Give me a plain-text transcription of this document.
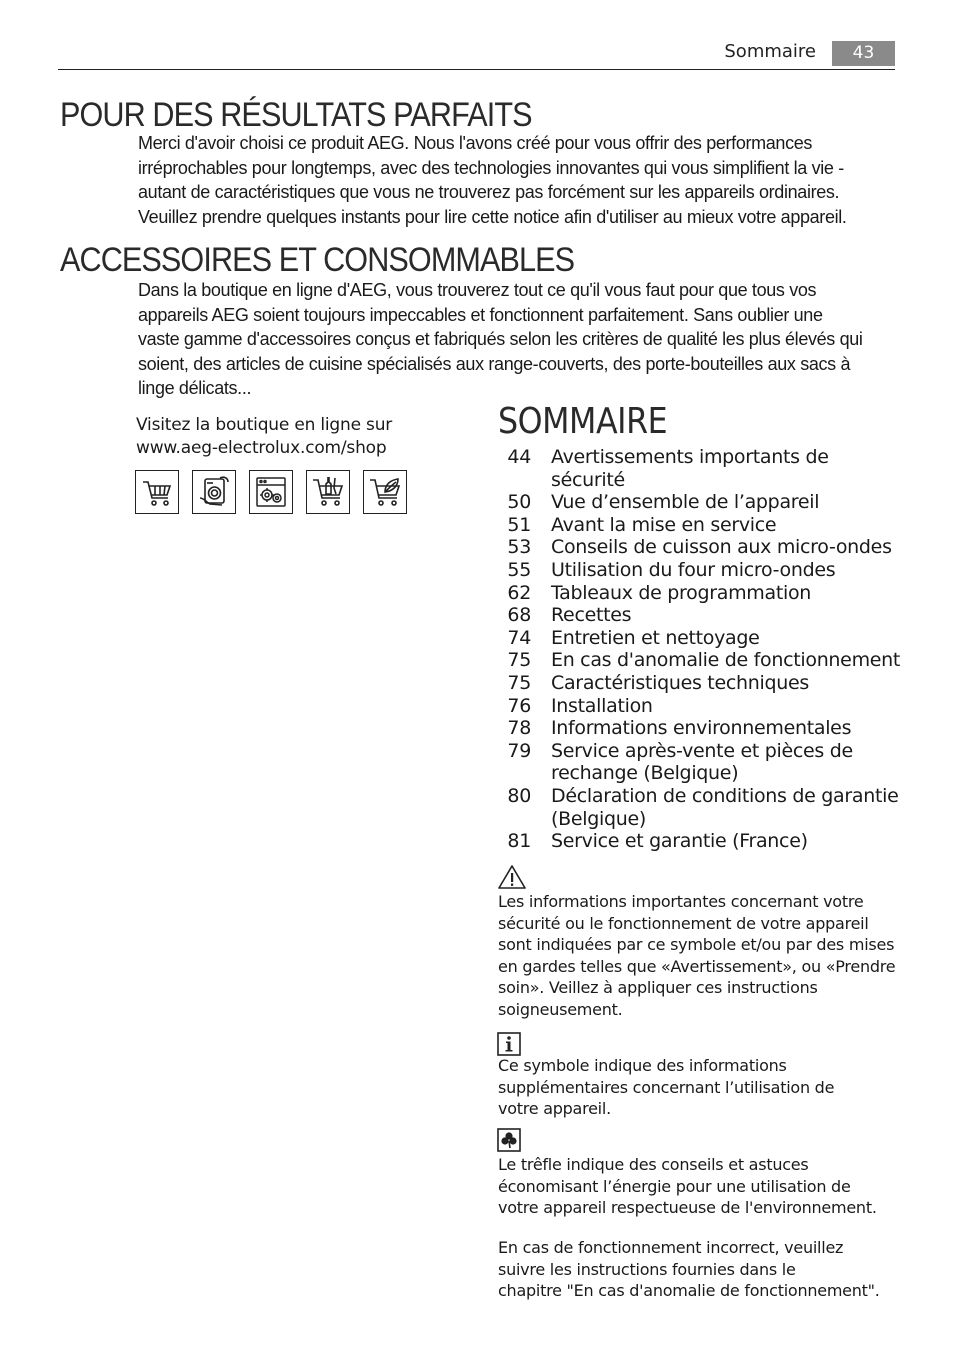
Sommaire	43
POUR DES RÉSULTATS PARFAITS
Merci d'avoir choisi ce produit AEG. Nous l'avons créé pour vous offrir des performances
irréprochables pour longtemps, avec des technologies innovantes qui vous simplifient la vie -
autant de caractéristiques que vous ne trouverez pas forcément sur les appareils ordinaires.
Veuillez prendre quelques instants pour lire cette notice afin d'utiliser au mieux votre appareil.
ACCESSOIRES ET CONSOMMABLES
Dans la boutique en ligne d'AEG, vous trouverez tout ce qu'il vous faut pour que tous vos
appareils AEG soient toujours impeccables et fonctionnent parfaitement. Sans oublier une
vaste gamme d'accessoires conçus et fabriqués selon les critères de qualité les plus élevés qui
soient, des articles de cuisine spécialisés aux range-couverts, des porte-bouteilles aux sacs à
linge délicats...
Visitez la boutique en ligne sur
www.aeg-electrolux.com/shop
SOMMAIRE
44 Avertissements importants de sécurité
50 Vue d’ensemble de l’appareil
51 Avant la mise en service
53 Conseils de cuisson aux micro-ondes
55 Utilisation du four micro-ondes
62 Tableaux de programmation
68 Recettes
74 Entretien et nettoyage
75 En cas d'anomalie de fonctionnement
75 Caractéristiques techniques
76 Installation
78 Informations environnementales
79 Service après-vente et pièces de
rechange (Belgique)
80 Déclaration de conditions de garantie
(Belgique)
81 Service et garantie (France)
Les informations importantes concernant votre
sécurité ou le fonctionnement de votre appareil
sont indiquées par ce symbole et/ou par des mises
en gardes telles que «Avertissement», ou «Prendre
soin». Veillez à appliquer ces instructions
soigneusement.
Ce symbole indique des informations
supplémentaires concernant l’utilisation de
votre appareil.
Le trêfle indique des conseils et astuces
économisant l’énergie pour une utilisation de
votre appareil respectueuse de l'environnement.
En cas de fonctionnement incorrect, veuillez
suivre les instructions fournies dans le
chapitre "En cas d'anomalie de fonctionnement".
